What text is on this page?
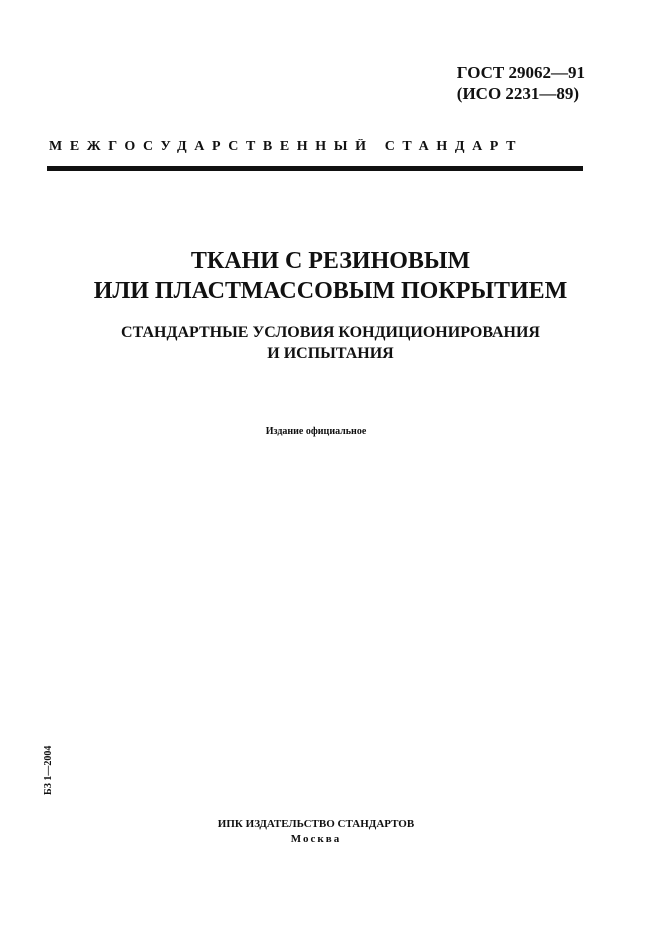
ГОСТ 29062—91
(ИСО 2231—89)
МЕЖГОСУДАРСТВЕННЫЙ СТАНДАРТ
ТКАНИ С РЕЗИНОВЫМ
ИЛИ ПЛАСТМАССОВЫМ ПОКРЫТИЕМ
СТАНДАРТНЫЕ УСЛОВИЯ КОНДИЦИОНИРОВАНИЯ
И ИСПЫТАНИЯ
Издание официальное
БЗ 1—2004
ИПК ИЗДАТЕЛЬСТВО СТАНДАРТОВ
Москва
